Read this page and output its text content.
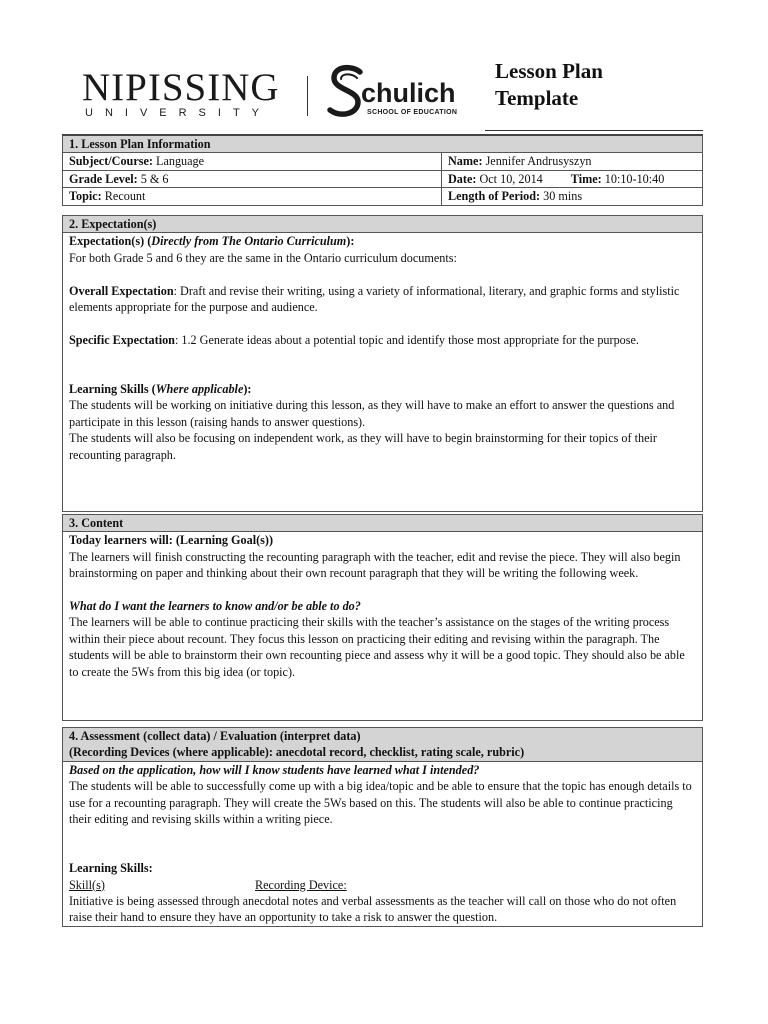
NIPISSING
UNIVERSITY
chulich
SCHOOL OF EDUCATION
Lesson Plan
Template
1. Lesson Plan Information	
Subject/Course: Language	Name: Jennifer Andrusyszyn
Grade Level: 5 & 6	Date: Oct 10, 2014 Time: 10:10-10:40
Topic: Recount	Length of Period: 30 mins
2. Expectation(s)

Expectation(s) (Directly from The Ontario Curriculum):
For both Grade 5 and 6 they are the same in the Ontario curriculum documents:
Overall Expectation: Draft and revise their writing, using a variety of informational, literary, and graphic forms and stylistic elements appropriate for the purpose and audience.
Specific Expectation: 1.2 Generate ideas about a potential topic and identify those most appropriate for the purpose.
Learning Skills (Where applicable):
The students will be working on initiative during this lesson, as they will have to make an effort to answer the questions and participate in this lesson (raising hands to answer questions).
The students will also be focusing on independent work, as they will have to begin brainstorming for their topics of their recounting paragraph.
3. Content

Today learners will: (Learning Goal(s))
The learners will finish constructing the recounting paragraph with the teacher, edit and revise the piece. They will also begin brainstorming on paper and thinking about their own recount paragraph that they will be writing the following week.
What do I want the learners to know and/or be able to do?
The learners will be able to continue practicing their skills with the teacher’s assistance on the stages of the writing process within their piece about recount. They focus this lesson on practicing their editing and revising within the paragraph. The students will be able to brainstorm their own recounting piece and assess why it will be a good topic. They should also be able to create the 5Ws from this big idea (or topic).
4. Assessment (collect data) / Evaluation (interpret data)
(Recording Devices (where applicable): anecdotal record, checklist, rating scale, rubric)

Based on the application, how will I know students have learned what I intended?
The students will be able to successfully come up with a big idea/topic and be able to ensure that the topic has enough details to use for a recounting paragraph. They will create the 5Ws based on this. The students will also be able to continue practicing their editing and revising skills within a writing piece.
Learning Skills:
Skill(s)	Recording Device:
Initiative is being assessed through anecdotal notes and verbal assessments as the teacher will call on those who do not often raise their hand to ensure they have an opportunity to take a risk to answer the question.
